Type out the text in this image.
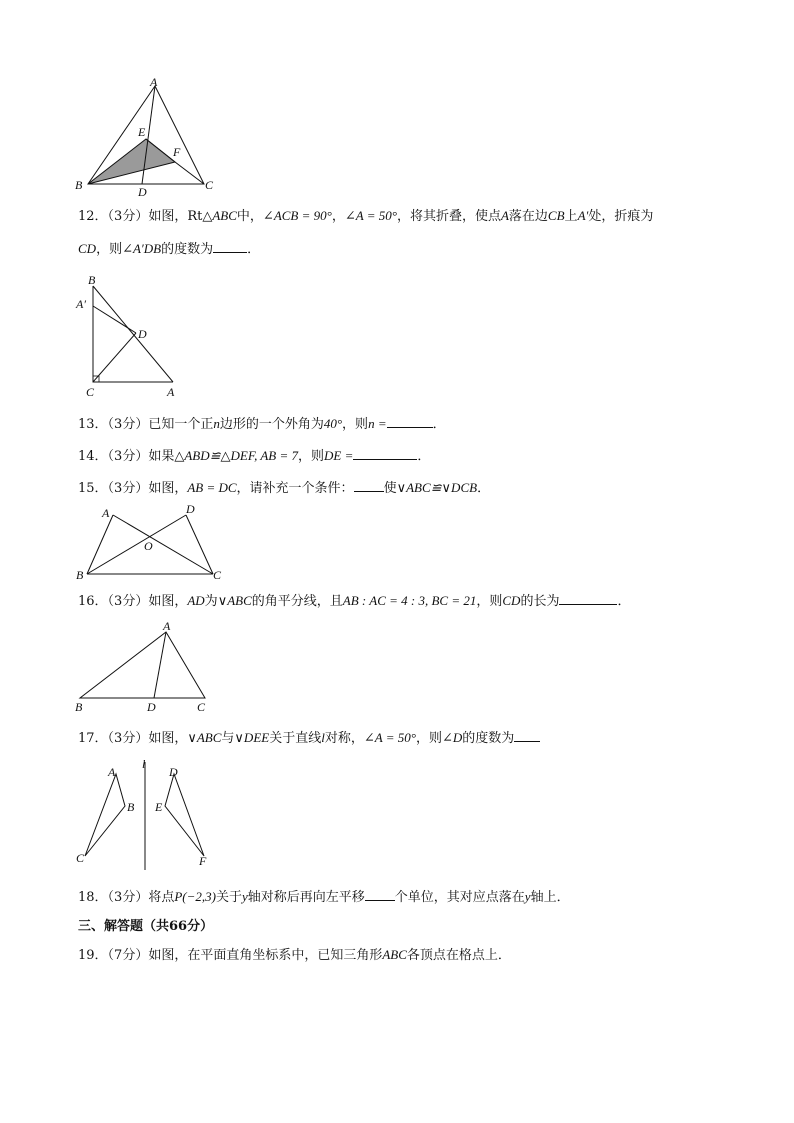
A
E
F
B	D	C
12．（3分）如图，Rt△ABC中，∠ACB = 90°，∠A = 50°，将其折叠，使点A落在边CB上A′处，折痕为
CD，则∠A′DB的度数为	．
B
A′
D
C	A
13．（3分）已知一个正n边形的一个外角为40°，则n =	．
14．（3分）如果△ABD≌△DEF, AB = 7，则DE =	．
15．（3分）如图，AB = DC，请补充一个条件： 使∨ABC≌∨DCB．
A	D
O
B	C
16．（3分）如图，AD为∨ABC的角平分线，且AB : AC = 4 : 3, BC = 21，则CD的长为	．
A
B	D	C
17．（3分）如图，∨ABC与∨DEE关于直线l对称，∠A = 50°，则∠D的度数为
l
A
B
C
D
E
F
18．（3分）将点P(−2,3)关于y轴对称后再向左平移 个单位，其对应点落在y轴上．
三、解答题（共66分）
19．（7分）如图，在平面直角坐标系中，已知三角形ABC各顶点在格点上．
